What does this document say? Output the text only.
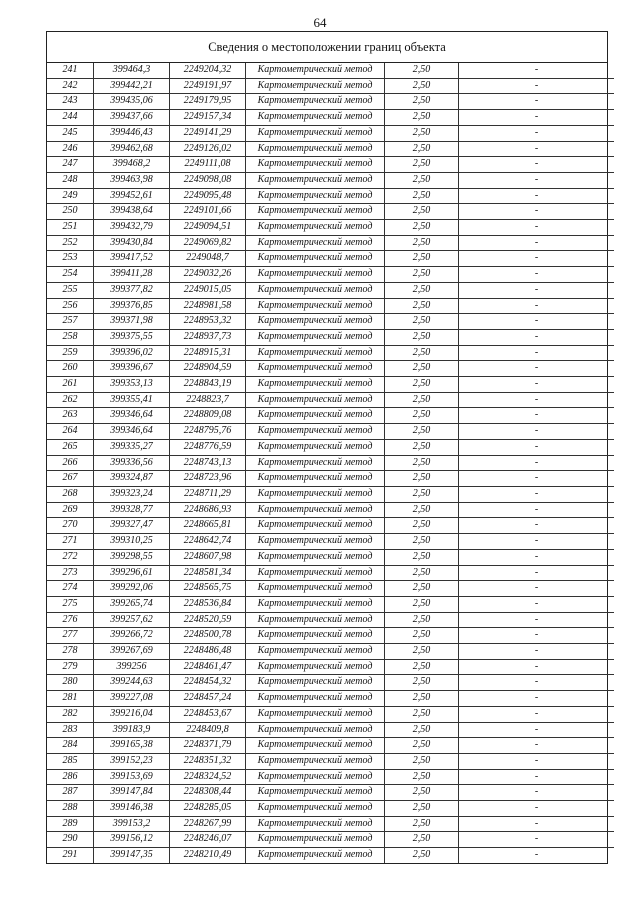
64
Сведения о местоположении границ объекта
241	399464,3	2249204,32	Картометрический метод	2,50	-
242	399442,21	2249191,97	Картометрический метод	2,50	-
243	399435,06	2249179,95	Картометрический метод	2,50	-
244	399437,66	2249157,34	Картометрический метод	2,50	-
245	399446,43	2249141,29	Картометрический метод	2,50	-
246	399462,68	2249126,02	Картометрический метод	2,50	-
247	399468,2	2249111,08	Картометрический метод	2,50	-
248	399463,98	2249098,08	Картометрический метод	2,50	-
249	399452,61	2249095,48	Картометрический метод	2,50	-
250	399438,64	2249101,66	Картометрический метод	2,50	-
251	399432,79	2249094,51	Картометрический метод	2,50	-
252	399430,84	2249069,82	Картометрический метод	2,50	-
253	399417,52	2249048,7	Картометрический метод	2,50	-
254	399411,28	2249032,26	Картометрический метод	2,50	-
255	399377,82	2249015,05	Картометрический метод	2,50	-
256	399376,85	2248981,58	Картометрический метод	2,50	-
257	399371,98	2248953,32	Картометрический метод	2,50	-
258	399375,55	2248937,73	Картометрический метод	2,50	-
259	399396,02	2248915,31	Картометрический метод	2,50	-
260	399396,67	2248904,59	Картометрический метод	2,50	-
261	399353,13	2248843,19	Картометрический метод	2,50	-
262	399355,41	2248823,7	Картометрический метод	2,50	-
263	399346,64	2248809,08	Картометрический метод	2,50	-
264	399346,64	2248795,76	Картометрический метод	2,50	-
265	399335,27	2248776,59	Картометрический метод	2,50	-
266	399336,56	2248743,13	Картометрический метод	2,50	-
267	399324,87	2248723,96	Картометрический метод	2,50	-
268	399323,24	2248711,29	Картометрический метод	2,50	-
269	399328,77	2248686,93	Картометрический метод	2,50	-
270	399327,47	2248665,81	Картометрический метод	2,50	-
271	399310,25	2248642,74	Картометрический метод	2,50	-
272	399298,55	2248607,98	Картометрический метод	2,50	-
273	399296,61	2248581,34	Картометрический метод	2,50	-
274	399292,06	2248565,75	Картометрический метод	2,50	-
275	399265,74	2248536,84	Картометрический метод	2,50	-
276	399257,62	2248520,59	Картометрический метод	2,50	-
277	399266,72	2248500,78	Картометрический метод	2,50	-
278	399267,69	2248486,48	Картометрический метод	2,50	-
279	399256	2248461,47	Картометрический метод	2,50	-
280	399244,63	2248454,32	Картометрический метод	2,50	-
281	399227,08	2248457,24	Картометрический метод	2,50	-
282	399216,04	2248453,67	Картометрический метод	2,50	-
283	399183,9	2248409,8	Картометрический метод	2,50	-
284	399165,38	2248371,79	Картометрический метод	2,50	-
285	399152,23	2248351,32	Картометрический метод	2,50	-
286	399153,69	2248324,52	Картометрический метод	2,50	-
287	399147,84	2248308,44	Картометрический метод	2,50	-
288	399146,38	2248285,05	Картометрический метод	2,50	-
289	399153,2	2248267,99	Картометрический метод	2,50	-
290	399156,12	2248246,07	Картометрический метод	2,50	-
291	399147,35	2248210,49	Картометрический метод	2,50	-
